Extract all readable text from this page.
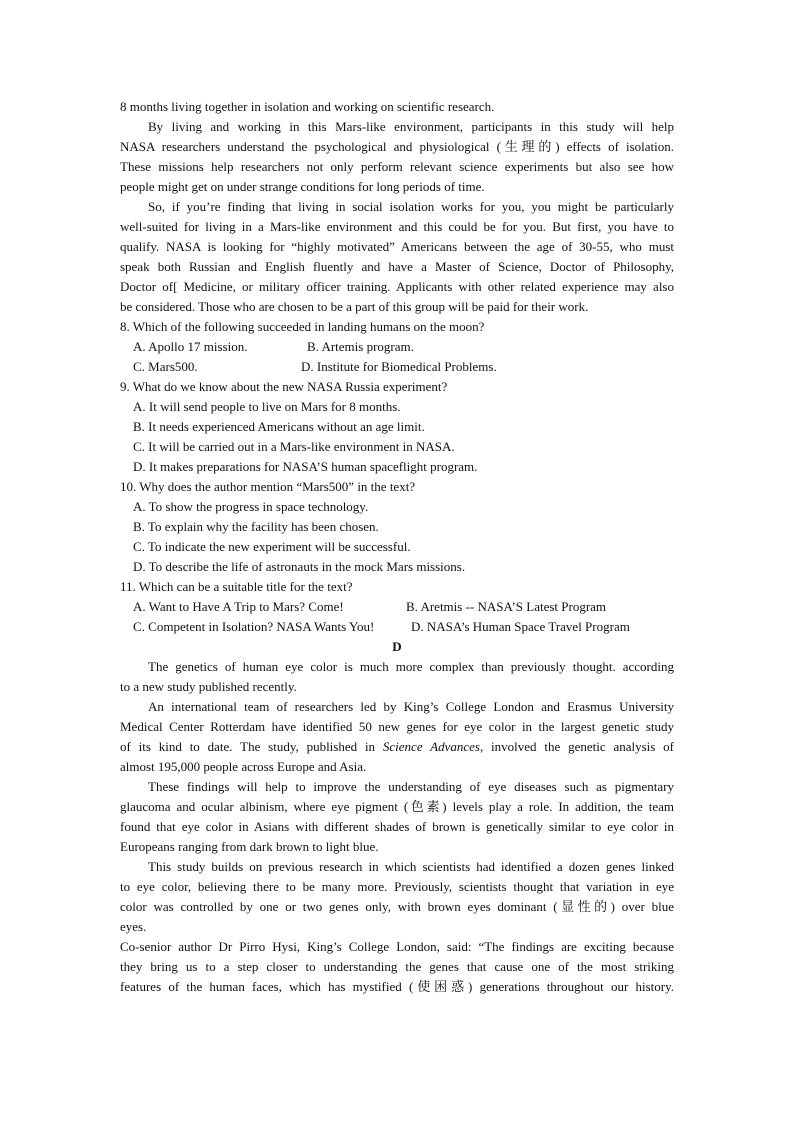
8 months living together in isolation and working on scientific research.
By living and working in this Mars-like environment, participants in this study will help
NASA researchers understand the psychological and physiological (生理的) effects of isolation.
These missions help researchers not only perform relevant science experiments but also see how
people might get on under strange conditions for long periods of time.
So, if you’re finding that living in social isolation works for you, you might be particularly
well-suited for living in a Mars-like environment and this could be for you. But first, you have to
qualify. NASA is looking for “highly motivated” Americans between the age of 30-55, who must
speak both Russian and English fluently and have a Master of Science, Doctor of Philosophy,
Doctor of[ Medicine, or military officer training. Applicants with other related experience may also
be considered. Those who are chosen to be a part of this group will be paid for their work.
8. Which of the following succeeded in landing humans on the moon?
A. Apollo 17 mission.	B. Artemis program.
C. Mars500.	D. Institute for Biomedical Problems.
9. What do we know about the new NASA Russia experiment?
A. It will send people to live on Mars for 8 months.
B. It needs experienced Americans without an age limit.
C. It will be carried out in a Mars-like environment in NASA.
D. It makes preparations for NASA’S human spaceflight program.
10. Why does the author mention “Mars500” in the text?
A. To show the progress in space technology.
B. To explain why the facility has been chosen.
C. To indicate the new experiment will be successful.
D. To describe the life of astronauts in the mock Mars missions.
11. Which can be a suitable title for the text?
A. Want to Have A Trip to Mars? Come!	B. Aretmis -- NASA’S Latest Program
C. Competent in Isolation? NASA Wants You!	D. NASA’s Human Space Travel Program
D
The genetics of human eye color is much more complex than previously thought. according
to a new study published recently.
An international team of researchers led by King’s College London and Erasmus University
Medical Center Rotterdam have identified 50 new genes for eye color in the largest genetic study
of its kind to date. The study, published in Science Advances, involved the genetic analysis of
almost 195,000 people across Europe and Asia.
These findings will help to improve the understanding of eye diseases such as pigmentary
glaucoma and ocular albinism, where eye pigment (色素) levels play a role. In addition, the team
found that eye color in Asians with different shades of brown is genetically similar to eye color in
Europeans ranging from dark brown to light blue.
This study builds on previous research in which scientists had identified a dozen genes linked
to eye color, believing there to be many more. Previously, scientists thought that variation in eye
color was controlled by one or two genes only, with brown eyes dominant (显性的) over blue
eyes.
Co-senior author Dr Pirro Hysi, King’s College London, said: “The findings are exciting because
they bring us to a step closer to understanding the genes that cause one of the most striking
features of the human faces, which has mystified (使困惑) generations throughout our history.
